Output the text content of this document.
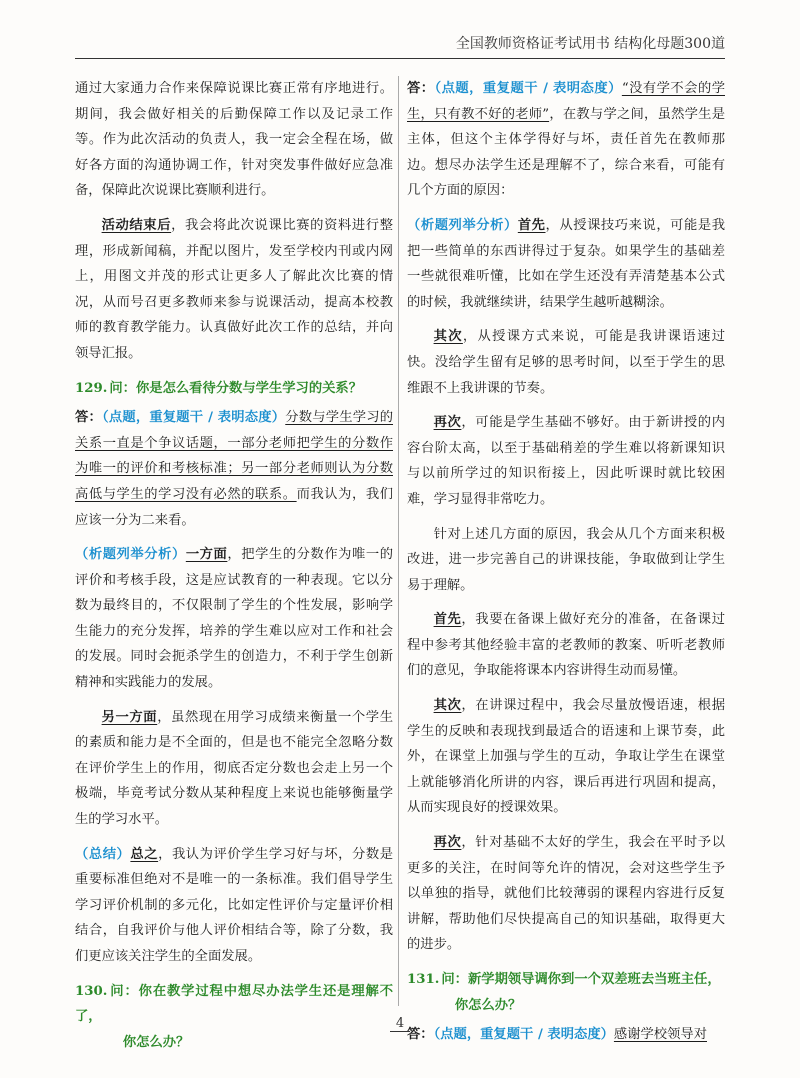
全国教师资格证考试用书 结构化母题300道

通过大家通力合作来保障说课比赛正常有序地进行。期间，我会做好相关的后勤保障工作以及记录工作等。作为此次活动的负责人，我一定会全程在场，做好各方面的沟通协调工作，针对突发事件做好应急准备，保障此次说课比赛顺利进行。

活动结束后，我会将此次说课比赛的资料进行整理，形成新闻稿，并配以图片，发至学校内刊或内网上，用图文并茂的形式让更多人了解此次比赛的情况，从而号召更多教师来参与说课活动，提高本校教师的教育教学能力。认真做好此次工作的总结，并向领导汇报。

129. 问：你是怎么看待分数与学生学习的关系？

答：（点题，重复题干 / 表明态度）分数与学生学习的关系一直是个争议话题，一部分老师把学生的分数作为唯一的评价和考核标准；另一部分老师则认为分数高低与学生的学习没有必然的联系。而我认为，我们应该一分为二来看。

（析题列举分析）一方面，把学生的分数作为唯一的评价和考核手段，这是应试教育的一种表现。它以分数为最终目的，不仅限制了学生的个性发展，影响学生能力的充分发挥，培养的学生难以应对工作和社会的发展。同时会扼杀学生的创造力，不利于学生创新精神和实践能力的发展。

另一方面，虽然现在用学习成绩来衡量一个学生的素质和能力是不全面的，但是也不能完全忽略分数在评价学生上的作用，彻底否定分数也会走上另一个极端，毕竟考试分数从某种程度上来说也能够衡量学生的学习水平。

（总结）总之，我认为评价学生学习好与坏，分数是重要标准但绝对不是唯一的一条标准。我们倡导学生学习评价机制的多元化，比如定性评价与定量评价相结合，自我评价与他人评价相结合等，除了分数，我们更应该关注学生的全面发展。

130. 问：你在教学过程中想尽办法学生还是理解不了，
你怎么办？

答：（点题，重复题干 / 表明态度）“没有学不会的学生，只有教不好的老师”，在教与学之间，虽然学生是主体，但这个主体学得好与坏，责任首先在教师那边。想尽办法学生还是理解不了，综合来看，可能有几个方面的原因：

（析题列举分析）首先，从授课技巧来说，可能是我把一些简单的东西讲得过于复杂。如果学生的基础差一些就很难听懂，比如在学生还没有弄清楚基本公式的时候，我就继续讲，结果学生越听越糊涂。

其次，从授课方式来说，可能是我讲课语速过快。没给学生留有足够的思考时间，以至于学生的思维跟不上我讲课的节奏。

再次，可能是学生基础不够好。由于新讲授的内容台阶太高，以至于基础稍差的学生难以将新课知识与以前所学过的知识衔接上，因此听课时就比较困难，学习显得非常吃力。

针对上述几方面的原因，我会从几个方面来积极改进，进一步完善自己的讲课技能，争取做到让学生易于理解。

首先，我要在备课上做好充分的准备，在备课过程中参考其他经验丰富的老教师的教案、听听老教师们的意见，争取能将课本内容讲得生动而易懂。

其次，在讲课过程中，我会尽量放慢语速，根据学生的反映和表现找到最适合的语速和上课节奏，此外，在课堂上加强与学生的互动，争取让学生在课堂上就能够消化所讲的内容，课后再进行巩固和提高，从而实现良好的授课效果。

再次，针对基础不太好的学生，我会在平时予以更多的关注，在时间等允许的情况，会对这些学生予以单独的指导，就他们比较薄弱的课程内容进行反复讲解，帮助他们尽快提高自己的知识基础，取得更大的进步。

131. 问：新学期领导调你到一个双差班去当班主任，
你怎么办？

答：（点题，重复题干 / 表明态度）感谢学校领导对

4
